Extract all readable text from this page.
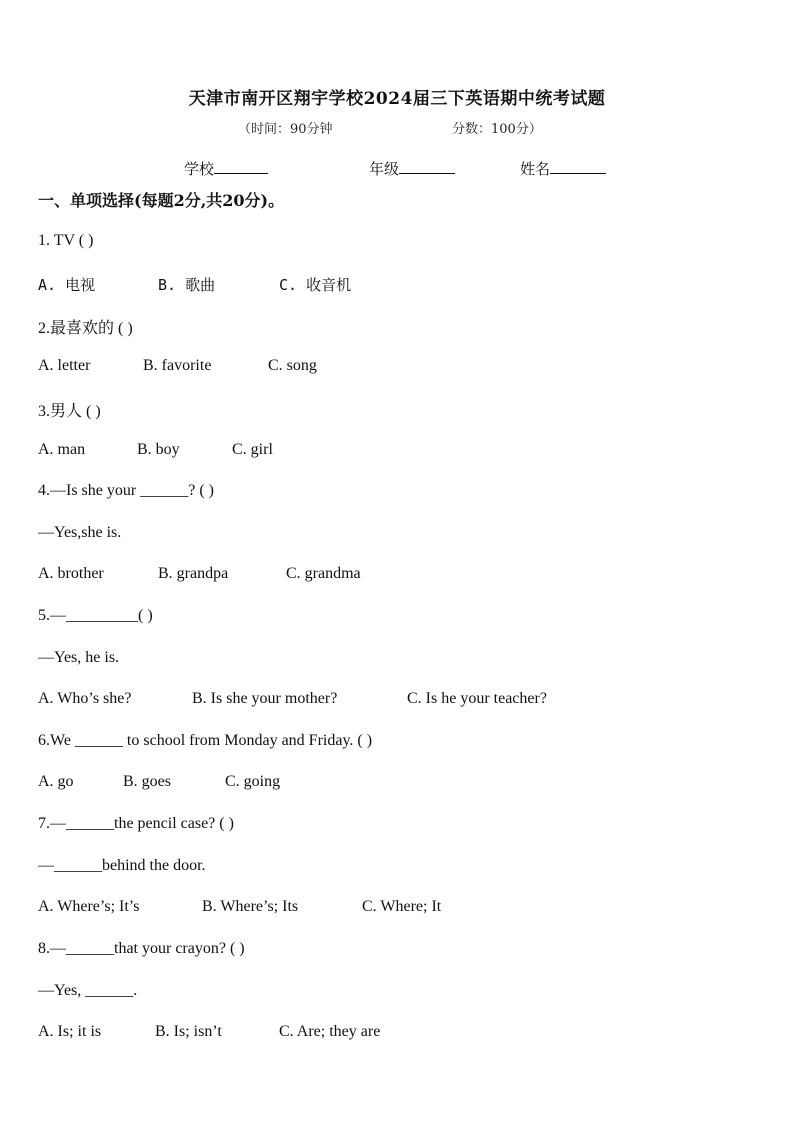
天津市南开区翔宇学校2024届三下英语期中统考试题
（时间：90分钟	分数：100分）
学校	年级	姓名
一、单项选择(每题2分,共20分)。
1. TV ( )
A. 电视	B. 歌曲	C. 收音机
2.最喜欢的 ( )
A. letter	B. favorite	C. song
3.男人 ( )
A. man	B. boy	C. girl
4.—Is she your ______? ( )
—Yes,she is.
A. brother	B. grandpa	C. grandma
5.—_________( )
—Yes, he is.
A. Who’s she?	B. Is she your mother?	C. Is he your teacher?
6.We ______ to school from Monday and Friday. ( )
A. go	B. goes	C. going
7.—______the pencil case? ( )
—______behind the door.
A. Where’s; It’s	B. Where’s; Its	C. Where; It
8.—______that your crayon? ( )
—Yes, ______.
A. Is; it is	B. Is; isn’t	C. Are; they are
